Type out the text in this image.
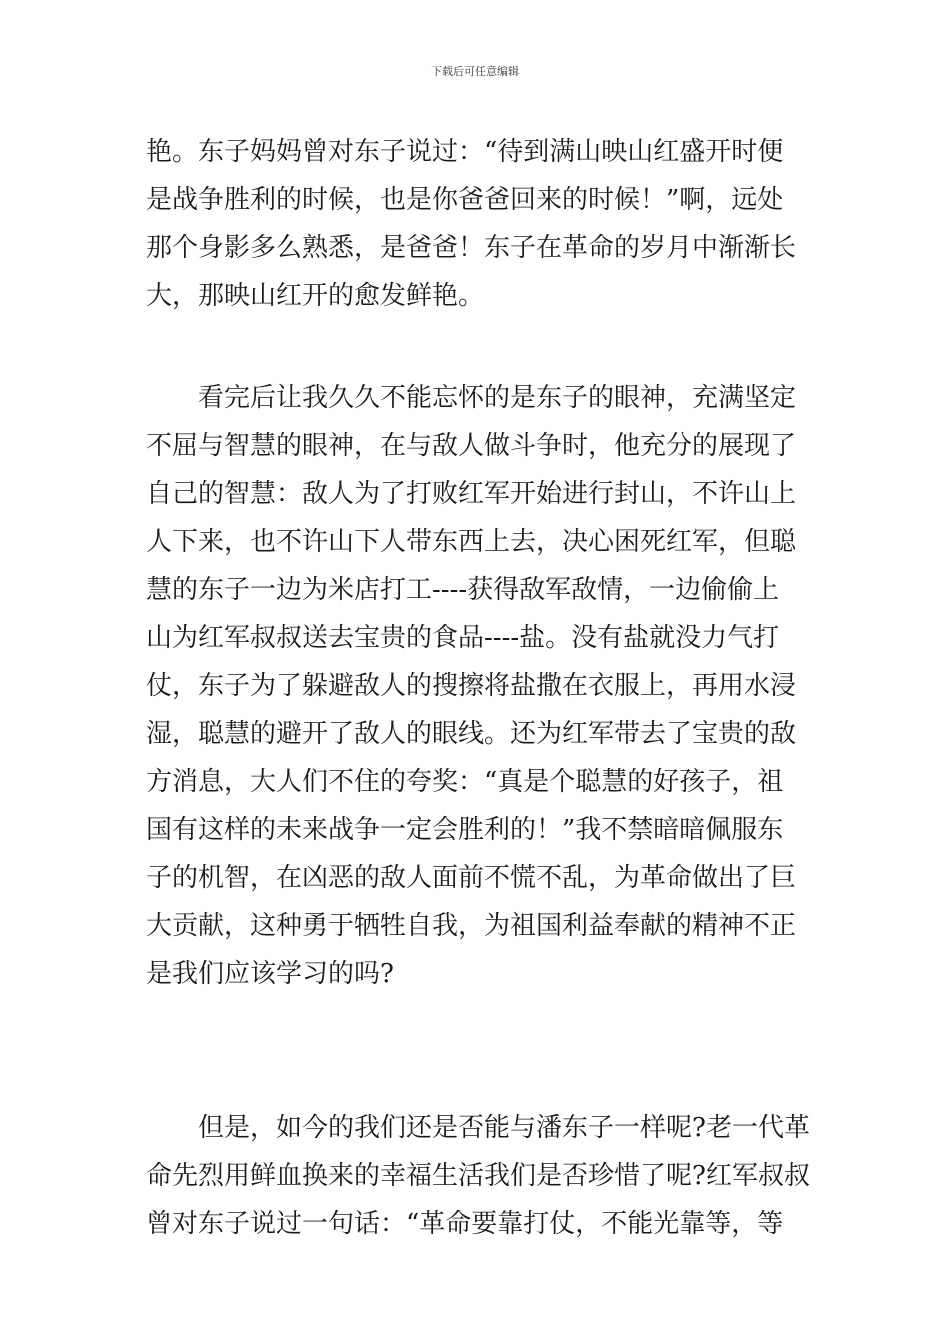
下载后可任意编辑
艳。东子妈妈曾对东子说过：“待到满山映山红盛开时便
是战争胜利的时候，也是你爸爸回来的时候！”啊，远处
那个身影多么熟悉，是爸爸！东子在革命的岁月中渐渐长
大，那映山红开的愈发鲜艳。
　　看完后让我久久不能忘怀的是东子的眼神，充满坚定
不屈与智慧的眼神，在与敌人做斗争时，他充分的展现了
自己的智慧：敌人为了打败红军开始进行封山，不许山上
人下来，也不许山下人带东西上去，决心困死红军，但聪
慧的东子一边为米店打工----获得敌军敌情，一边偷偷上
山为红军叔叔送去宝贵的食品----盐。没有盐就没力气打
仗，东子为了躲避敌人的搜擦将盐撒在衣服上，再用水浸
湿，聪慧的避开了敌人的眼线。还为红军带去了宝贵的敌
方消息，大人们不住的夸奖：“真是个聪慧的好孩子，祖
国有这样的未来战争一定会胜利的！”我不禁暗暗佩服东
子的机智，在凶恶的敌人面前不慌不乱，为革命做出了巨
大贡献，这种勇于牺牲自我，为祖国利益奉献的精神不正
是我们应该学习的吗?
　　但是，如今的我们还是否能与潘东子一样呢?老一代革
命先烈用鲜血换来的幸福生活我们是否珍惜了呢?红军叔叔
曾对东子说过一句话：“革命要靠打仗，不能光靠等，等
